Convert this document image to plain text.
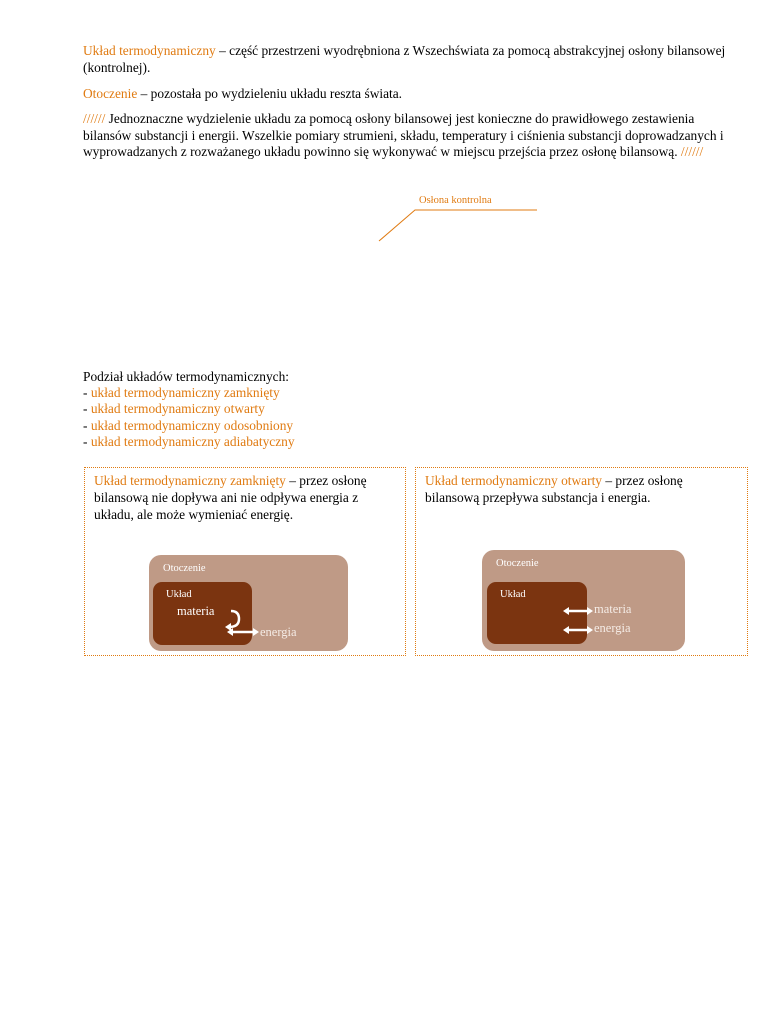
Układ termodynamiczny – część przestrzeni wyodrębniona z Wszechświata za pomocą abstrakcyjnej osłony bilansowej (kontrolnej).

Otoczenie – pozostała po wydzieleniu układu reszta świata.

////// Jednoznaczne wydzielenie układu za pomocą osłony bilansowej jest konieczne do prawidłowego zestawienia bilansów substancji i energii. Wszelkie pomiary strumieni, składu, temperatury i ciśnienia substancji doprowadzanych i wyprowadzanych z rozważanego układu powinno się wykonywać w miejscu przejścia przez osłonę bilansową. //////

Osłona kontrolna
Podział układów termodynamicznych:
- układ termodynamiczny zamknięty
- układ termodynamiczny otwarty
- układ termodynamiczny odosobniony
- układ termodynamiczny adiabatyczny

Układ termodynamiczny zamknięty – przez osłonę bilansową nie dopływa ani nie odpływa energia z układu, ale może wymieniać energię.

Otoczenie
Układ
materia
energia

Układ termodynamiczny otwarty – przez osłonę bilansową przepływa substancja i energia.

Otoczenie
Układ
materia
energia
